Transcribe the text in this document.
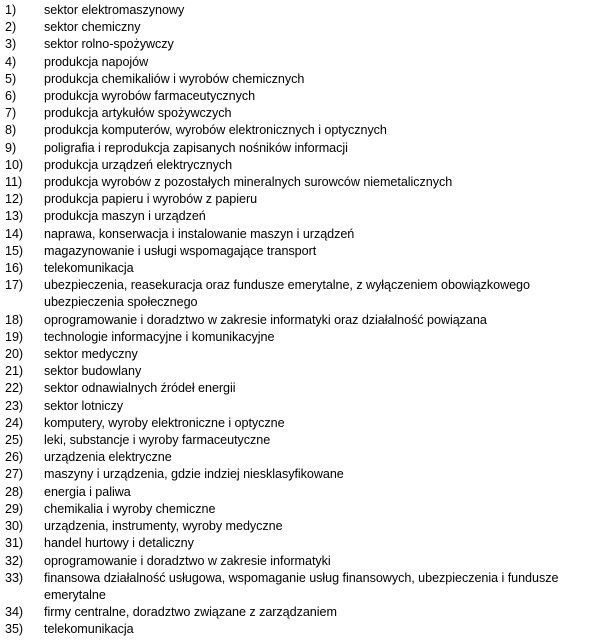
1)	sektor elektromaszynowy
2)	sektor chemiczny
3)	sektor rolno-spożywczy
4)	produkcja napojów
5)	produkcja chemikaliów i wyrobów chemicznych
6)	produkcja wyrobów farmaceutycznych
7)	produkcja artykułów spożywczych
8)	produkcja komputerów, wyrobów elektronicznych i optycznych
9)	poligrafia i reprodukcja zapisanych nośników informacji
10)	produkcja urządzeń elektrycznych
11)	produkcja wyrobów z pozostałych mineralnych surowców niemetalicznych
12)	produkcja papieru i wyrobów z papieru
13)	produkcja maszyn i urządzeń
14)	naprawa, konserwacja i instalowanie maszyn i urządzeń
15)	magazynowanie i usługi wspomagające transport
16)	telekomunikacja
17)	ubezpieczenia, reasekuracja oraz fundusze emerytalne, z wyłączeniem obowiązkowego ubezpieczenia społecznego
18)	oprogramowanie i doradztwo w zakresie informatyki oraz działalność powiązana
19)	technologie informacyjne i komunikacyjne
20)	sektor medyczny
21)	sektor budowlany
22)	sektor odnawialnych źródeł energii
23)	sektor lotniczy
24)	komputery, wyroby elektroniczne i optyczne
25)	leki, substancje i wyroby farmaceutyczne
26)	urządzenia elektryczne
27)	maszyny i urządzenia, gdzie indziej niesklasyfikowane
28)	energia i paliwa
29)	chemikalia i wyroby chemiczne
30)	urządzenia, instrumenty, wyroby medyczne
31)	handel hurtowy i detaliczny
32)	oprogramowanie i doradztwo w zakresie informatyki
33)	finansowa działalność usługowa, wspomaganie usług finansowych, ubezpieczenia i fundusze emerytalne
34)	firmy centralne, doradztwo związane z zarządzaniem
35)	telekomunikacja
